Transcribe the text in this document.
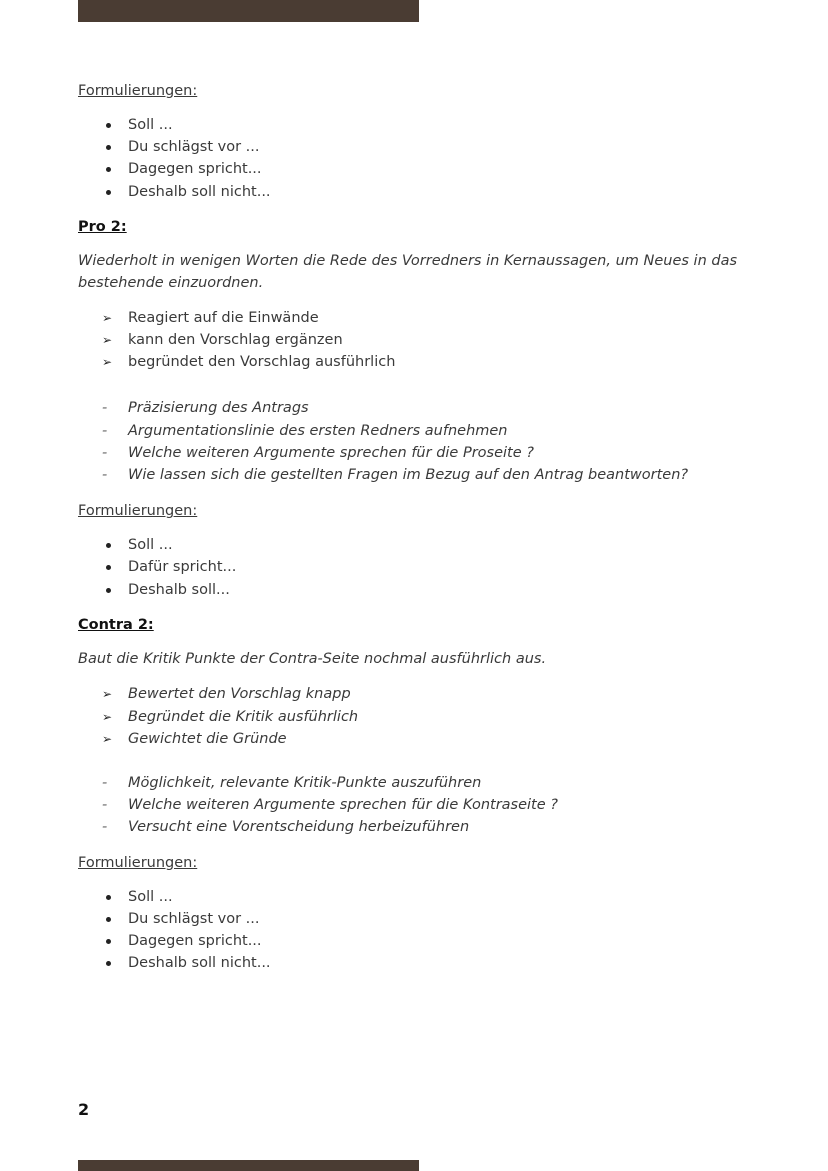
Formulierungen:

Soll ...
Du schlägst vor ...
Dagegen spricht...
Deshalb soll nicht...

Pro 2:

Wiederholt in wenigen Worten die Rede des Vorredners in Kernaussagen, um Neues in das bestehende einzuordnen.

➢	Reagiert auf die Einwände
➢	kann den Vorschlag ergänzen
➢	begründet den Vorschlag ausführlich
-	Präzisierung des Antrags
-	Argumentationslinie des ersten Redners aufnehmen
-	Welche weiteren Argumente sprechen für die Proseite ?
-	Wie lassen sich die gestellten Fragen im Bezug auf den Antrag beantworten?

Formulierungen:

Soll ...
Dafür spricht...
Deshalb soll...

Contra 2:

Baut die Kritik Punkte der Contra-Seite nochmal ausführlich aus.

➢	Bewertet den Vorschlag knapp
➢	Begründet die Kritik ausführlich
➢	Gewichtet die Gründe
-	Möglichkeit, relevante Kritik-Punkte auszuführen
-	Welche weiteren Argumente sprechen für die Kontraseite ?
-	Versucht eine Vorentscheidung herbeizuführen

Formulierungen:

Soll ...
Du schlägst vor ...
Dagegen spricht...
Deshalb soll nicht...
2
